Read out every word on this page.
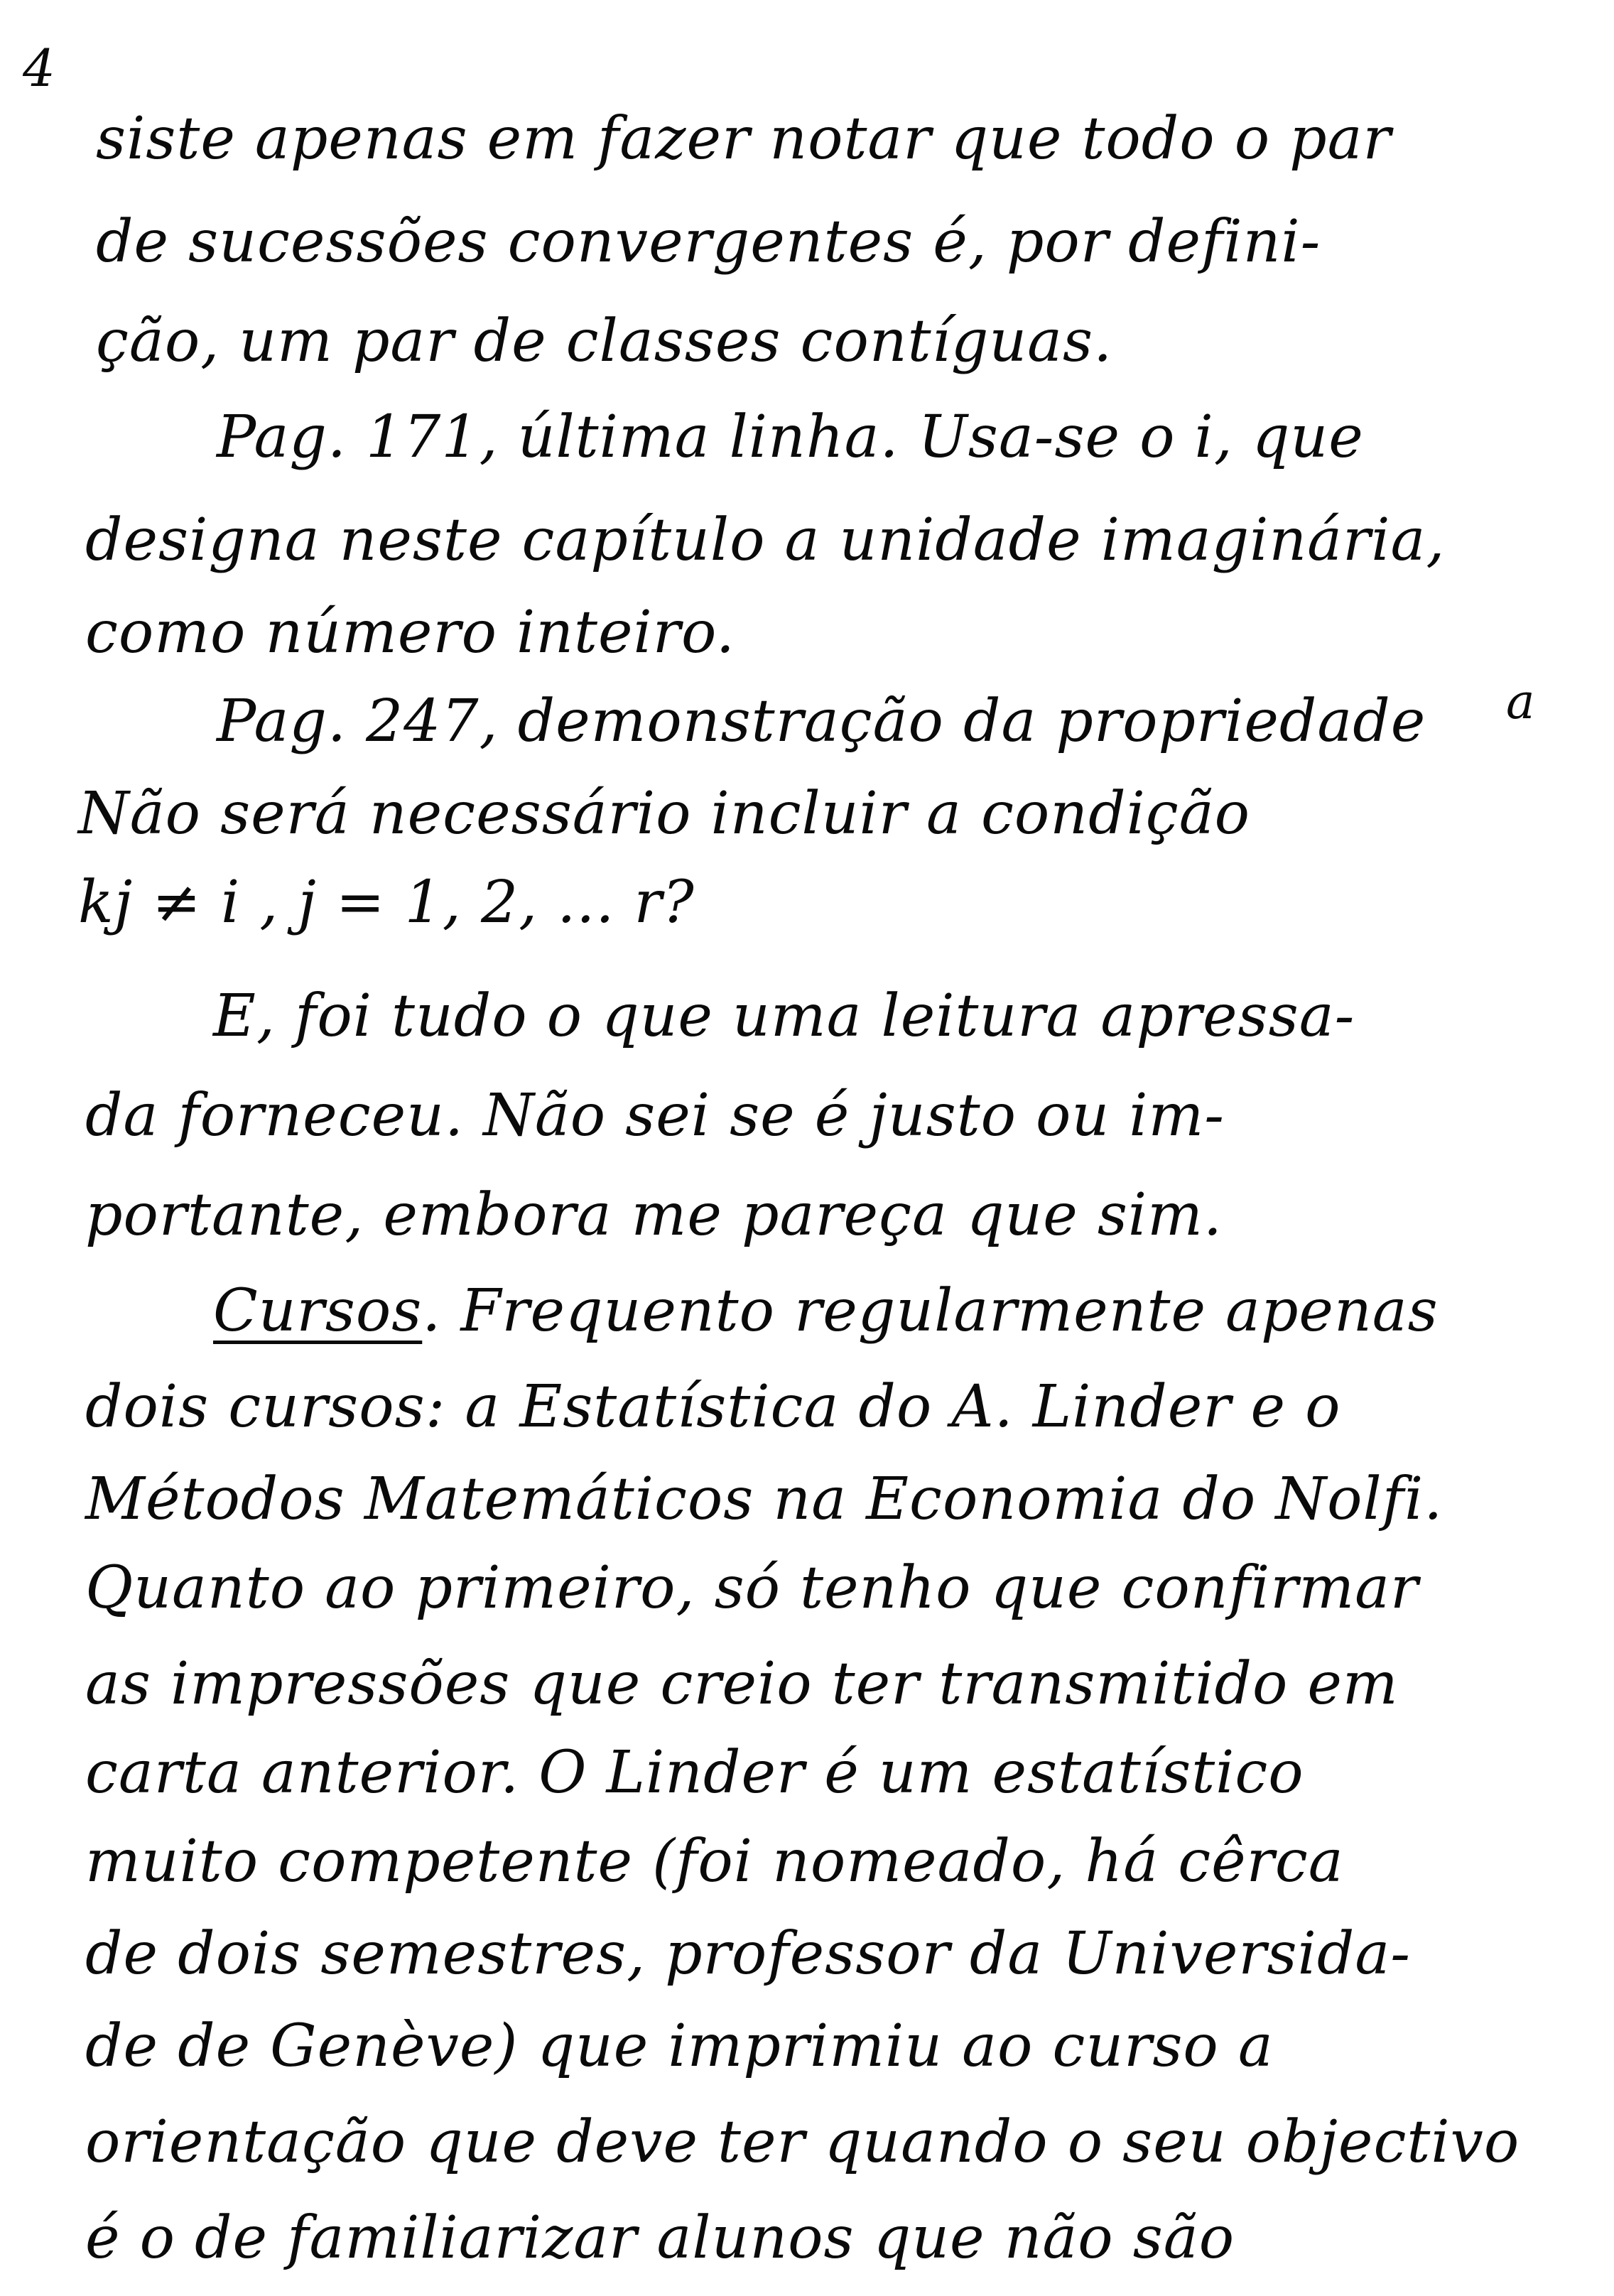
4
siste apenas em fazer notar que todo o par
de sucessões convergentes é, por defini-
ção, um par de classes contíguas.
Pag. 171, última linha. Usa-se o i, que
designa neste capítulo a unidade imaginária,
como número inteiro.
Pag. 247, demonstração da propriedade a
Não será necessário incluir a condição
kj ≠ i , j = 1, 2, ... r?
E, foi tudo o que uma leitura apressa-
da forneceu. Não sei se é justo ou im-
portante, embora me pareça que sim.
Cursos. Frequento regularmente apenas
dois cursos: a Estatística do A. Linder e o
Métodos Matemáticos na Economia do Nolfi.
Quanto ao primeiro, só tenho que confirmar
as impressões que creio ter transmitido em
carta anterior. O Linder é um estatístico
muito competente (foi nomeado, há cêrca
de dois semestres, professor da Universida-
de de Genève) que imprimiu ao curso a
orientação que deve ter quando o seu objectivo
é o de familiarizar alunos que não são
